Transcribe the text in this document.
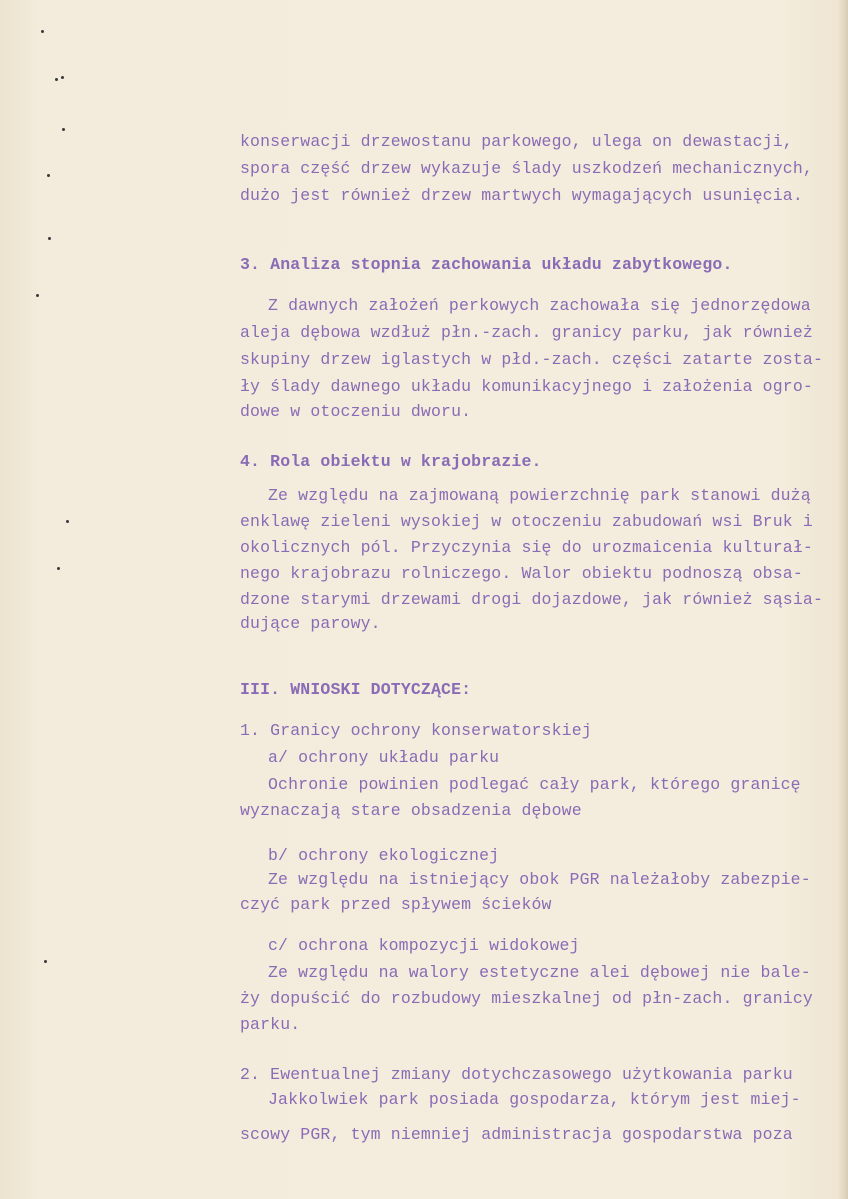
konserwacji drzewostanu parkowego, ulega on dewastacji,
spora część drzew wykazuje ślady uszkodzeń mechanicznych,
dużo jest również drzew martwych wymagających usunięcia.
3. Analiza stopnia zachowania układu zabytkowego.
Z dawnych założeń perkowych zachowała się jednorzędowa
aleja dębowa wzdłuż płn.-zach. granicy parku, jak również
skupiny drzew iglastych w płd.-zach. części zatarte zosta-
ły ślady dawnego układu komunikacyjnego i założenia ogro-
dowe w otoczeniu dworu.
4. Rola obiektu w krajobrazie.
Ze względu na zajmowaną powierzchnię park stanowi dużą
enklawę zieleni wysokiej w otoczeniu zabudowań wsi Bruk i
okolicznych pól. Przyczynia się do urozmaicenia kulturał-
nego krajobrazu rolniczego. Walor obiektu podnoszą obsa-
dzone starymi drzewami drogi dojazdowe, jak również sąsia-
dujące parowy.
III. WNIOSKI DOTYCZĄCE:
1. Granicy ochrony konserwatorskiej
a/ ochrony układu parku
Ochronie powinien podlegać cały park, którego granicę
wyznaczają stare obsadzenia dębowe
b/ ochrony ekologicznej
Ze względu na istniejący obok PGR należałoby zabezpie-
czyć park przed spływem ścieków
c/ ochrona kompozycji widokowej
Ze względu na walory estetyczne alei dębowej nie bale-
ży dopuścić do rozbudowy mieszkalnej od płn-zach. granicy
parku.
2. Ewentualnej zmiany dotychczasowego użytkowania parku
Jakkolwiek park posiada gospodarza, którym jest miej-
scowy PGR, tym niemniej administracja gospodarstwa poza
